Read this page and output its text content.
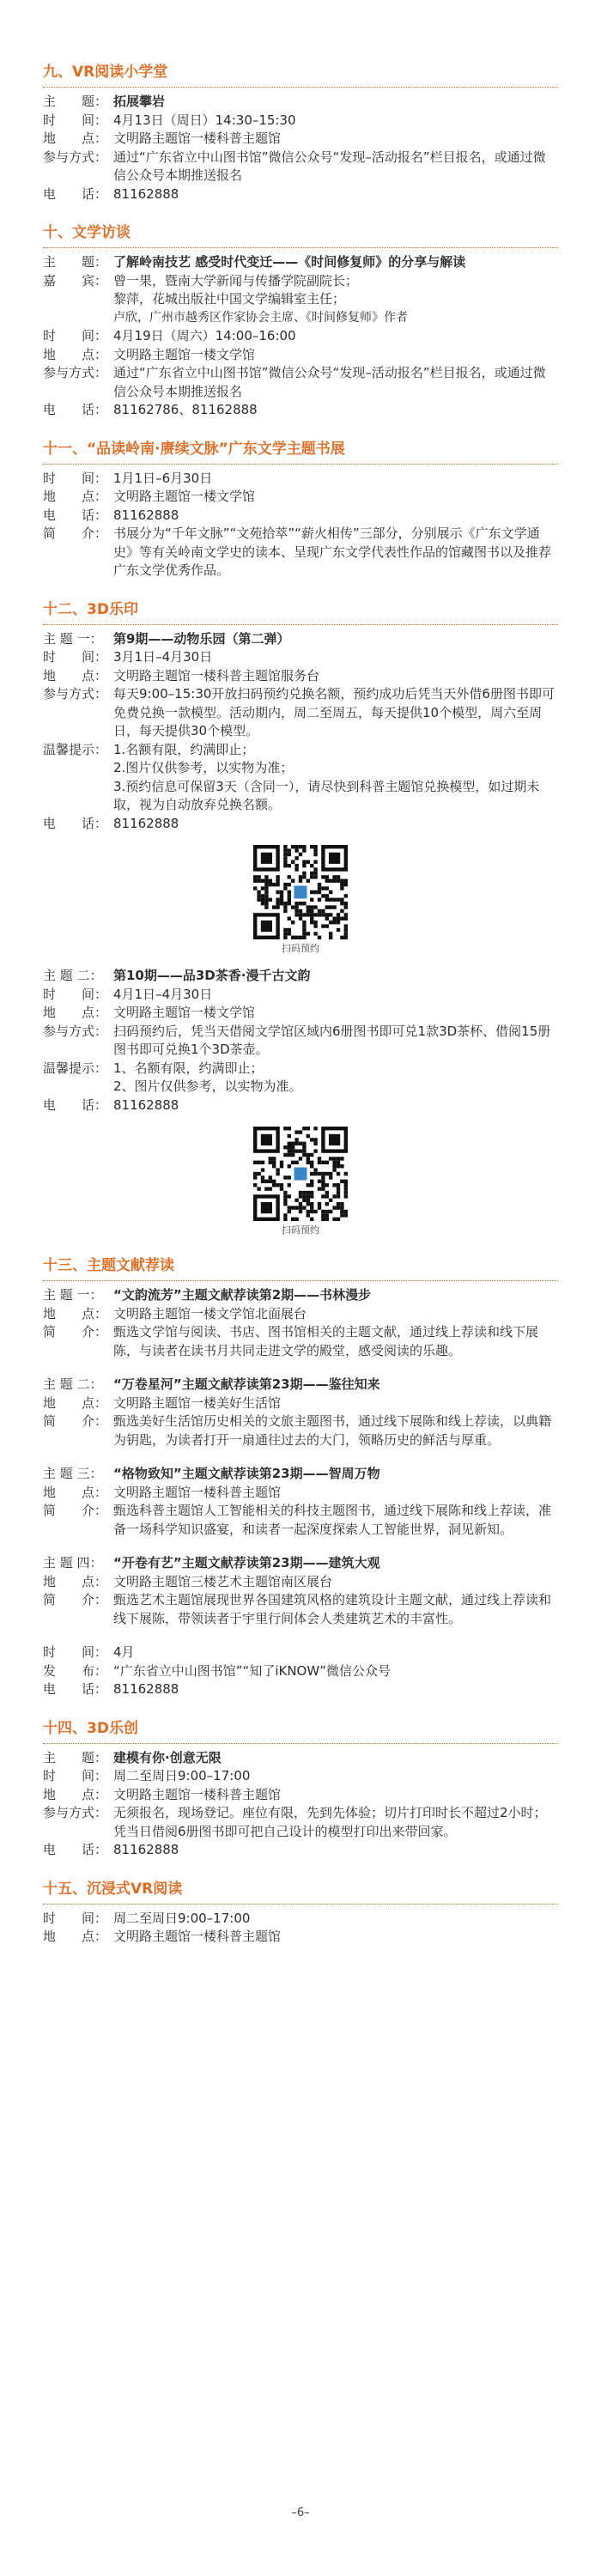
九、VR阅读小学堂
主　　题： 拓展攀岩
时　　间： 4月13日（周日）14:30–15:30
地　　点： 文明路主题馆一楼科普主题馆
参与方式： 通过“广东省立中山图书馆”微信公众号“发现–活动报名”栏目报名，或通过微信公众号本期推送报名
电　　话： 81162888
十、文学访谈
主　　题： 了解岭南技艺 感受时代变迁——《时间修复师》的分享与解读
嘉　　宾： 曾一果，暨南大学新闻与传播学院副院长；
黎萍，花城出版社中国文学编辑室主任；
卢欣，广州市越秀区作家协会主席、《时间修复师》作者
时　　间： 4月19日（周六）14:00–16:00
地　　点： 文明路主题馆一楼文学馆
参与方式： 通过“广东省立中山图书馆”微信公众号“发现–活动报名”栏目报名，或通过微信公众号本期推送报名
电　　话： 81162786、81162888
十一、“品读岭南·赓续文脉”广东文学主题书展
时　　间： 1月1日–6月30日
地　　点： 文明路主题馆一楼文学馆
电　　话： 81162888
简　　介： 书展分为“千年文脉”“文苑拾萃”“薪火相传”三部分，分别展示《广东文学通史》等有关岭南文学史的读本、呈现广东文学代表性作品的馆藏图书以及推荐广东文学优秀作品。
十二、3D乐印
主 题 一： 第9期——动物乐园（第二弹）
时　　间： 3月1日–4月30日
地　　点： 文明路主题馆一楼科普主题馆服务台
参与方式： 每天9:00–15:30开放扫码预约兑换名额，预约成功后凭当天外借6册图书即可免费兑换一款模型。活动期内，周二至周五，每天提供10个模型，周六至周日，每天提供30个模型。
温馨提示： 1.名额有限，约满即止；
2.图片仅供参考，以实物为准；
3.预约信息可保留3天（含同一），请尽快到科普主题馆兑换模型，如过期未取，视为自动放弃兑换名额。
电　　话： 81162888
扫码预约
主 题 二： 第10期——品3D茶香·漫千古文韵
时　　间： 4月1日–4月30日
地　　点： 文明路主题馆一楼文学馆
参与方式： 扫码预约后，凭当天借阅文学馆区域内6册图书即可兑1款3D茶杯、借阅15册图书即可兑换1个3D茶壶。
温馨提示： 1、名额有限，约满即止；
2、图片仅供参考，以实物为准。
电　　话： 81162888
扫码预约
十三、主题文献荐读
主 题 一： “文韵流芳”主题文献荐读第2期——书林漫步
地　　点： 文明路主题馆一楼文学馆北面展台
简　　介： 甄选文学馆与阅读、书店、图书馆相关的主题文献，通过线上荐读和线下展陈，与读者在读书月共同走进文学的殿堂，感受阅读的乐趣。
主 题 二： “万卷星河”主题文献荐读第23期——鉴往知来
地　　点： 文明路主题馆一楼美好生活馆
简　　介： 甄选美好生活馆历史相关的文旅主题图书，通过线下展陈和线上荐读，以典籍为钥匙，为读者打开一扇通往过去的大门，领略历史的鲜活与厚重。
主 题 三： “格物致知”主题文献荐读第23期——智周万物
地　　点： 文明路主题馆一楼科普主题馆
简　　介： 甄选科普主题馆人工智能相关的科技主题图书，通过线下展陈和线上荐读，准备一场科学知识盛宴，和读者一起深度探索人工智能世界，洞见新知。
主 题 四： “开卷有艺”主题文献荐读第23期——建筑大观
地　　点： 文明路主题馆三楼艺术主题馆南区展台
简　　介： 甄选艺术主题馆展现世界各国建筑风格的建筑设计主题文献，通过线上荐读和线下展陈，带领读者于宇里行间体会人类建筑艺术的丰富性。
时　　间： 4月
发　　布： “广东省立中山图书馆”“知了iKNOW”微信公众号
电　　话： 81162888
十四、3D乐创
主　　题： 建模有你·创意无限
时　　间： 周二至周日9:00–17:00
地　　点： 文明路主题馆一楼科普主题馆
参与方式： 无须报名，现场登记。座位有限，先到先体验；切片打印时长不超过2小时；凭当日借阅6册图书即可把自己设计的模型打印出来带回家。
电　　话： 81162888
十五、沉浸式VR阅读
时　　间： 周二至周日9:00–17:00
地　　点： 文明路主题馆一楼科普主题馆
–6–
